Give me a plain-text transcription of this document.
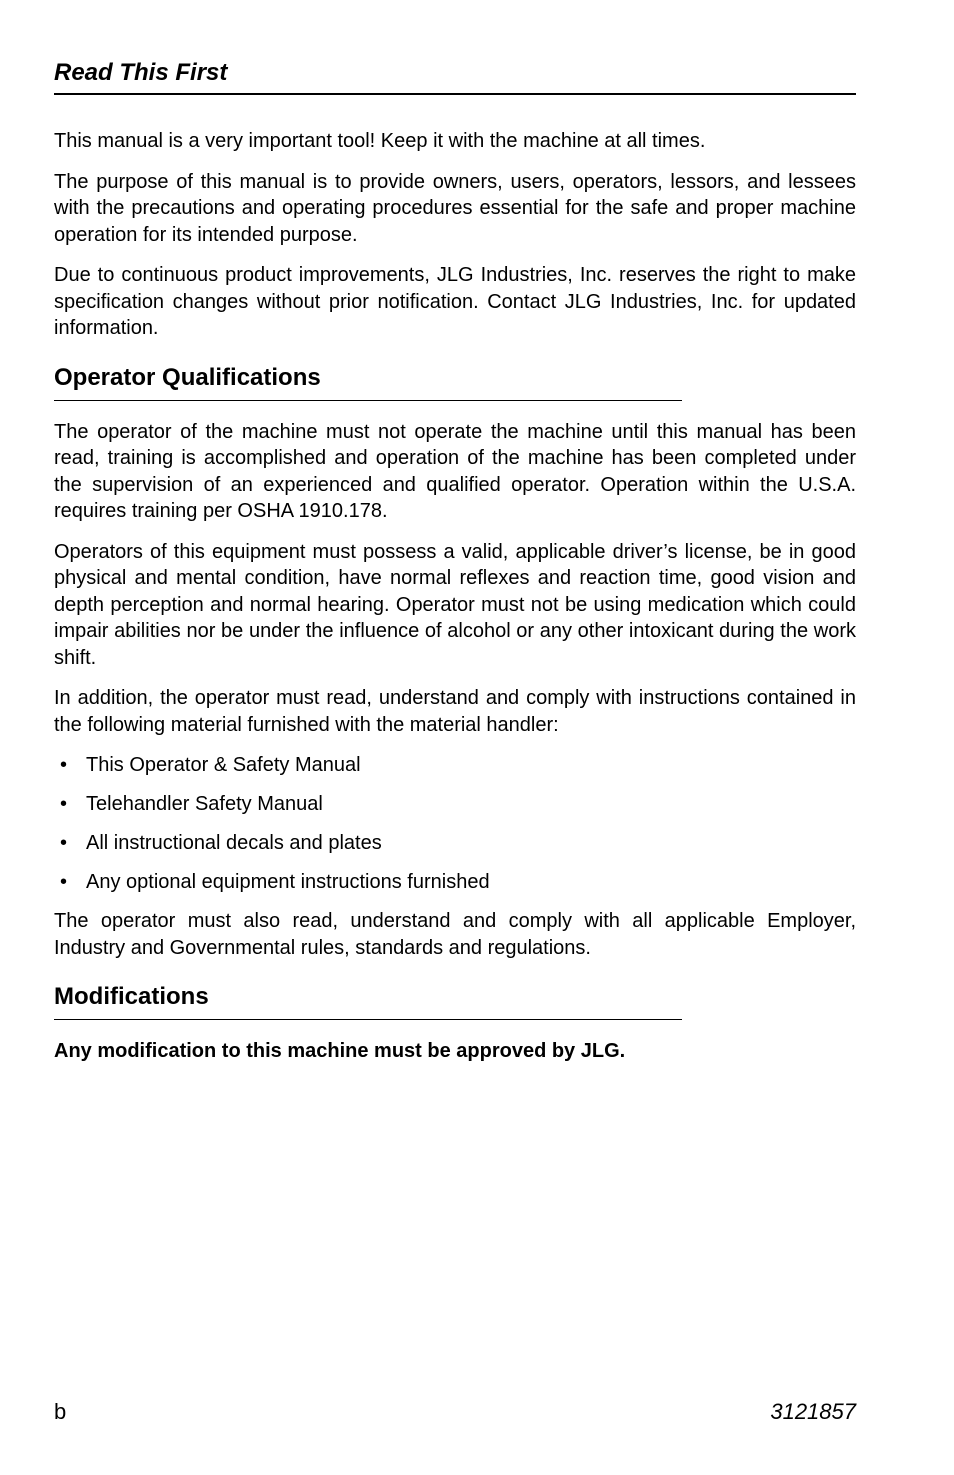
Read This First

This manual is a very important tool! Keep it with the machine at all times.

The purpose of this manual is to provide owners, users, operators, lessors, and lessees with the precautions and operating procedures essential for the safe and proper machine operation for its intended purpose.

Due to continuous product improvements, JLG Industries, Inc. reserves the right to make specification changes without prior notification. Contact JLG Industries, Inc. for updated information.

Operator Qualifications

The operator of the machine must not operate the machine until this manual has been read, training is accomplished and operation of the machine has been completed under the supervision of an experienced and qualified operator. Operation within the U.S.A. requires training per OSHA 1910.178.

Operators of this equipment must possess a valid, applicable driver’s license, be in good physical and mental condition, have normal reflexes and reaction time, good vision and depth perception and normal hearing. Operator must not be using medication which could impair abilities nor be under the influence of alcohol or any other intoxicant during the work shift.

In addition, the operator must read, understand and comply with instructions contained in the following material furnished with the material handler:

• This Operator & Safety Manual
• Telehandler Safety Manual
• All instructional decals and plates
• Any optional equipment instructions furnished

The operator must also read, understand and comply with all applicable Employer, Industry and Governmental rules, standards and regulations.

Modifications

Any modification to this machine must be approved by JLG.

b	3121857
